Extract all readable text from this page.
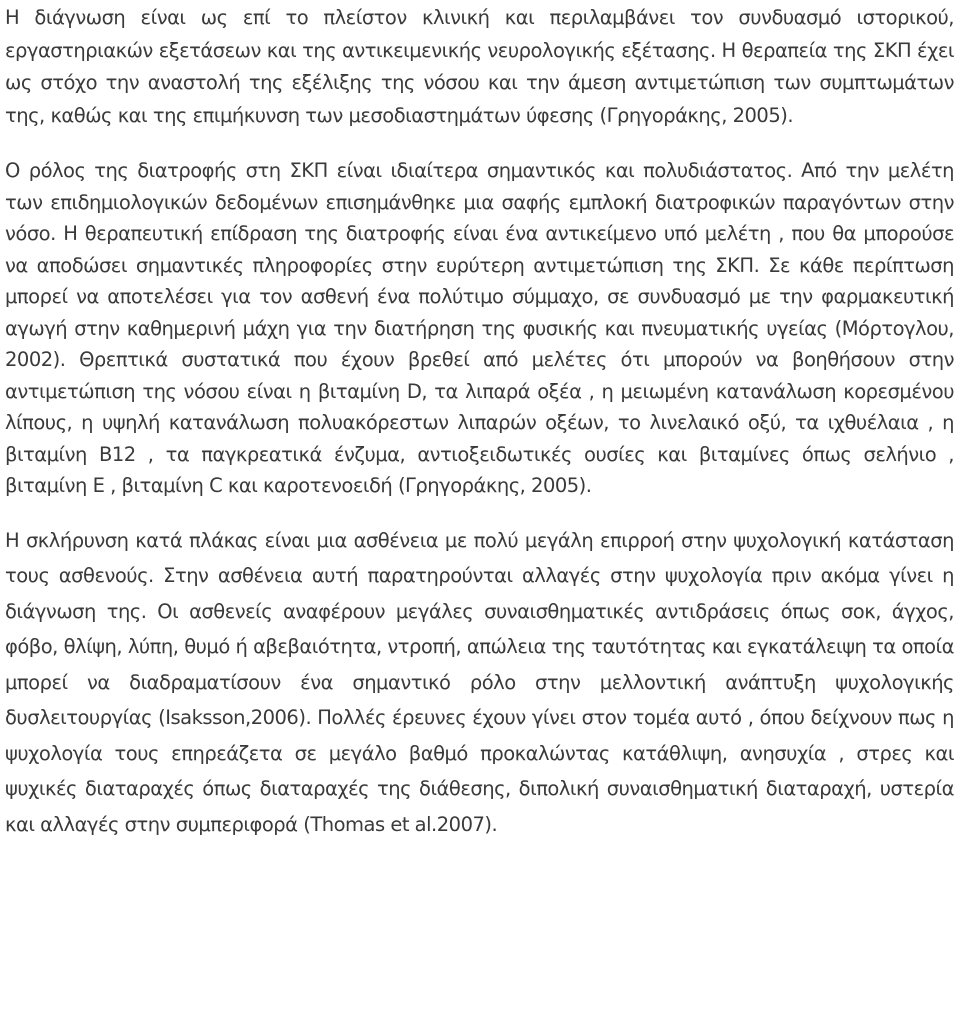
Η διάγνωση είναι ως επί το πλείστον κλινική και περιλαμβάνει τον συνδυασμό ιστορικού, εργαστηριακών εξετάσεων και της αντικειμενικής νευρολογικής εξέτασης. Η θεραπεία της ΣΚΠ έχει ως στόχο την αναστολή της εξέλιξης της νόσου και την άμεση αντιμετώπιση των συμπτωμάτων της, καθώς και της επιμήκυνση των μεσοδιαστημάτων ύφεσης (Γρηγοράκης, 2005).

Ο ρόλος της διατροφής στη ΣΚΠ είναι ιδιαίτερα σημαντικός και πολυδιάστατος. Από την μελέτη των επιδημιολογικών δεδομένων επισημάνθηκε μια σαφής εμπλοκή διατροφικών παραγόντων στην νόσο. Η θεραπευτική επίδραση της διατροφής είναι ένα αντικείμενο υπό μελέτη , που θα μπορούσε να αποδώσει σημαντικές πληροφορίες στην ευρύτερη αντιμετώπιση της ΣΚΠ. Σε κάθε περίπτωση μπορεί να αποτελέσει για τον ασθενή ένα πολύτιμο σύμμαχο, σε συνδυασμό με την φαρμακευτική αγωγή στην καθημερινή μάχη για την διατήρηση της φυσικής και πνευματικής υγείας (Μόρτογλου, 2002). Θρεπτικά συστατικά που έχουν βρεθεί από μελέτες ότι μπορούν να βοηθήσουν στην αντιμετώπιση της νόσου είναι η βιταμίνη D, τα λιπαρά οξέα , η μειωμένη κατανάλωση κορεσμένου λίπους, η υψηλή κατανάλωση πολυακόρεστων λιπαρών οξέων, το λινελαικό οξύ, τα ιχθυέλαια , η βιταμίνη Β12 , τα παγκρεατικά ένζυμα, αντιοξειδωτικές ουσίες και βιταμίνες όπως σελήνιο , βιταμίνη Ε , βιταμίνη C και καροτενοειδή (Γρηγοράκης, 2005).

Η σκλήρυνση κατά πλάκας είναι μια ασθένεια με πολύ μεγάλη επιρροή στην ψυχολογική κατάσταση τους ασθενούς. Στην ασθένεια αυτή παρατηρούνται αλλαγές στην ψυχολογία πριν ακόμα γίνει η διάγνωση της. Οι ασθενείς αναφέρουν μεγάλες συναισθηματικές αντιδράσεις όπως σοκ, άγχος, φόβο, θλίψη, λύπη, θυμό ή αβεβαιότητα, ντροπή, απώλεια της ταυτότητας και εγκατάλειψη τα οποία μπορεί να διαδραματίσουν ένα σημαντικό ρόλο στην μελλοντική ανάπτυξη ψυχολογικής δυσλειτουργίας (Isaksson,2006). Πολλές έρευνες έχουν γίνει στον τομέα αυτό , όπου δείχνουν πως η ψυχολογία τους επηρεάζετα σε μεγάλο βαθμό προκαλώντας κατάθλιψη, ανησυχία , στρες και ψυχικές διαταραχές όπως διαταραχές της διάθεσης, διπολική συναισθηματική διαταραχή, υστερία και αλλαγές στην συμπεριφορά (Thomas et al.2007).
